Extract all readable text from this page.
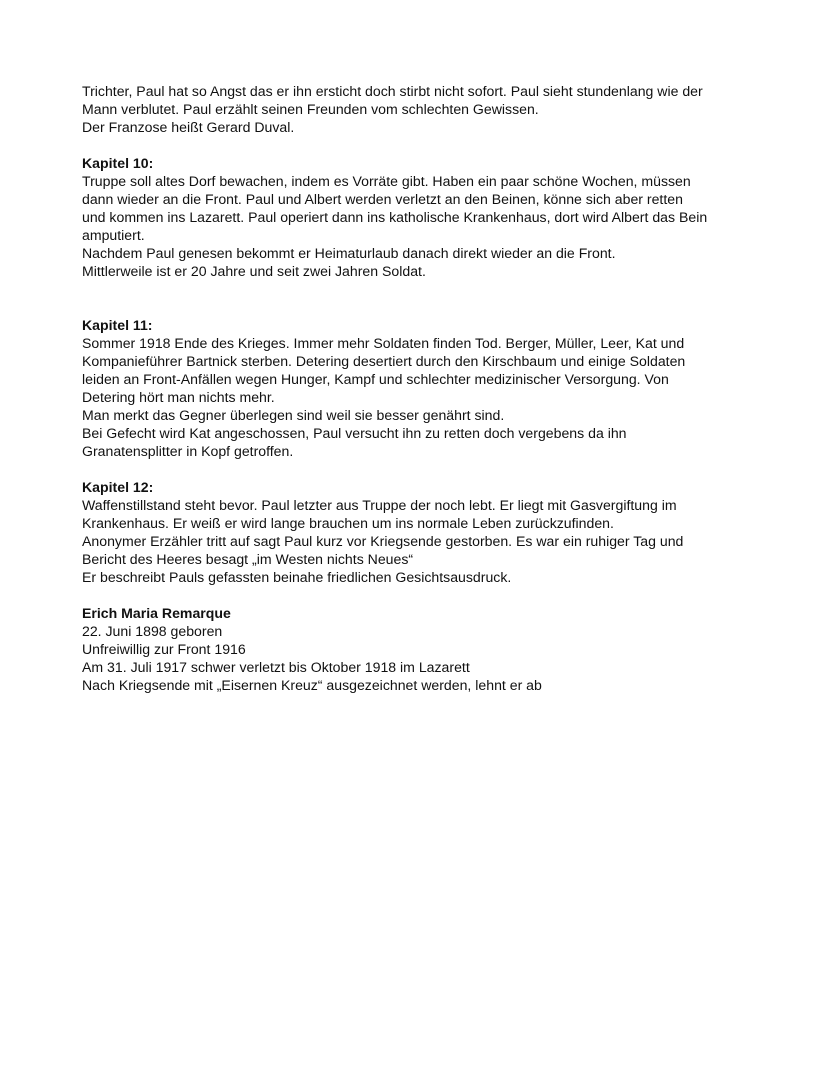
Trichter, Paul hat so Angst das er ihn ersticht doch stirbt nicht sofort. Paul sieht stundenlang wie der
Mann verblutet. Paul erzählt seinen Freunden vom schlechten Gewissen.

Der Franzose heißt Gerard Duval.

Kapitel 10:

Truppe soll altes Dorf bewachen, indem es Vorräte gibt. Haben ein paar schöne Wochen, müssen
dann wieder an die Front. Paul und Albert werden verletzt an den Beinen, könne sich aber retten
und kommen ins Lazarett. Paul operiert dann ins katholische Krankenhaus, dort wird Albert das Bein
amputiert.

Nachdem Paul genesen bekommt er Heimaturlaub danach direkt wieder an die Front.

Mittlerweile ist er 20 Jahre und seit zwei Jahren Soldat.

Kapitel 11:

Sommer 1918 Ende des Krieges. Immer mehr Soldaten finden Tod. Berger, Müller, Leer, Kat und
Kompanieführer Bartnick sterben. Detering desertiert durch den Kirschbaum und einige Soldaten
leiden an Front-Anfällen wegen Hunger, Kampf und schlechter medizinischer Versorgung. Von
Detering hört man nichts mehr.

Man merkt das Gegner überlegen sind weil sie besser genährt sind.

Bei Gefecht wird Kat angeschossen, Paul versucht ihn zu retten doch vergebens da ihn
Granatensplitter in Kopf getroffen.

Kapitel 12:

Waffenstillstand steht bevor. Paul letzter aus Truppe der noch lebt. Er liegt mit Gasvergiftung im
Krankenhaus. Er weiß er wird lange brauchen um ins normale Leben zurückzufinden.

Anonymer Erzähler tritt auf sagt Paul kurz vor Kriegsende gestorben. Es war ein ruhiger Tag und
Bericht des Heeres besagt „im Westen nichts Neues“

Er beschreibt Pauls gefassten beinahe friedlichen Gesichtsausdruck.

Erich Maria Remarque

22. Juni 1898 geboren

Unfreiwillig zur Front 1916

Am 31. Juli 1917 schwer verletzt bis Oktober 1918 im Lazarett

Nach Kriegsende mit „Eisernen Kreuz“ ausgezeichnet werden, lehnt er ab
